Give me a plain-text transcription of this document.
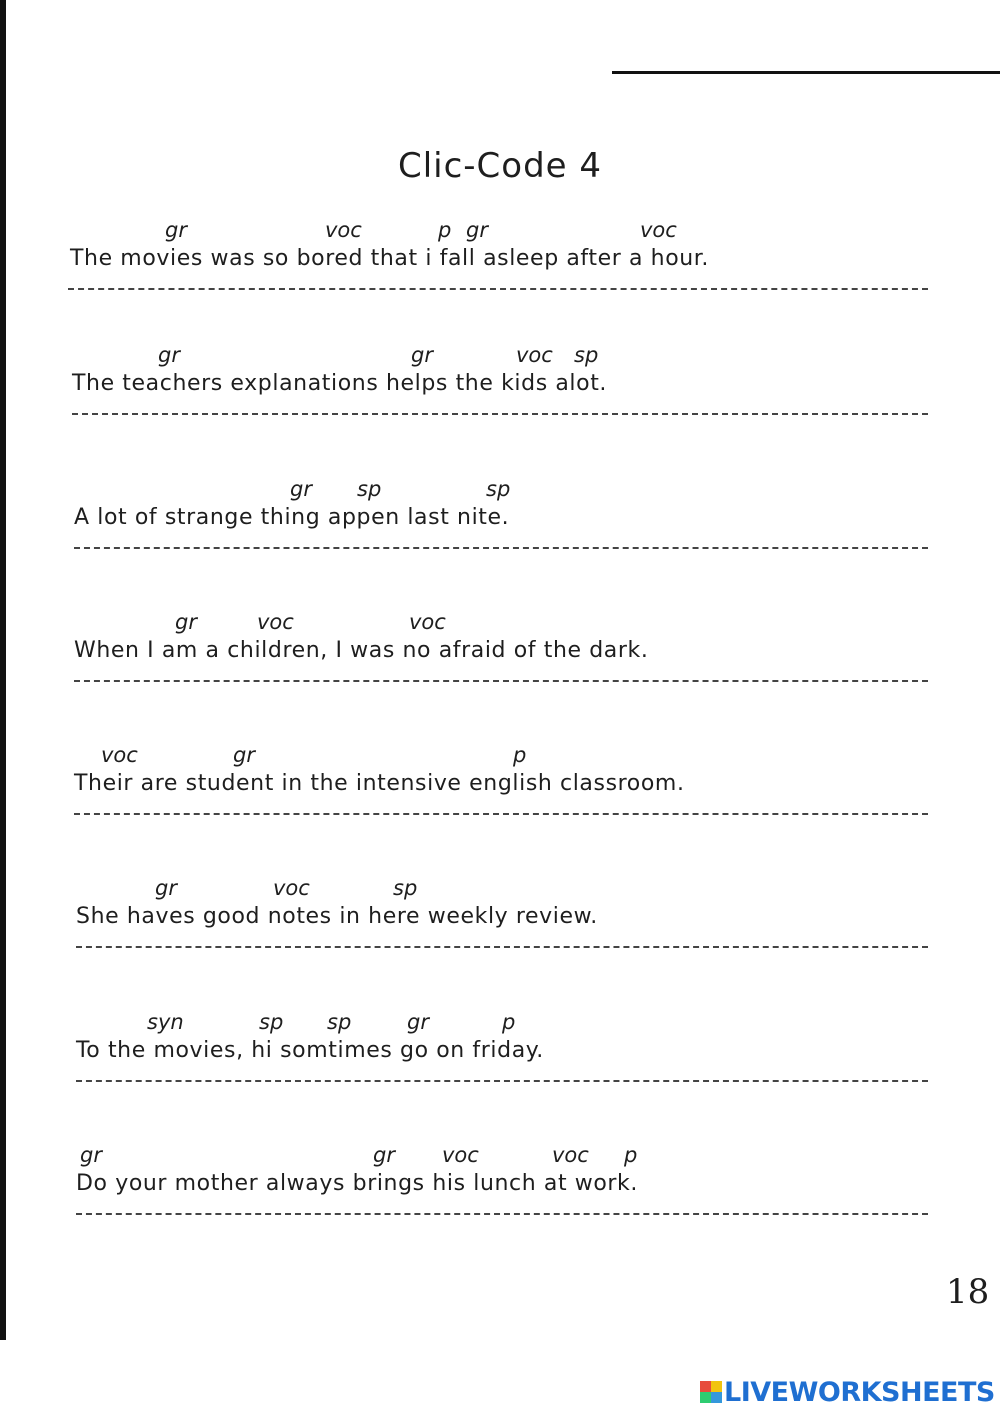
Clic-Code 4
gr	voc	p gr	voc
The movies was so bored that i fall asleep after a hour.
gr	gr	voc sp
The teachers explanations helps the kids alot.
gr sp	sp
A lot of strange thing appen last nite.
gr	voc	voc
When I am a children, I was no afraid of the dark.
voc	gr	p
Their are student in the intensive english classroom.
gr	voc	sp
She haves good notes in here weekly review.
syn	sp sp	gr	p
To the movies, hi somtimes go on friday.
gr	gr voc	voc p
Do your mother always brings his lunch at work.
18
LIVEWORKSHEETS
